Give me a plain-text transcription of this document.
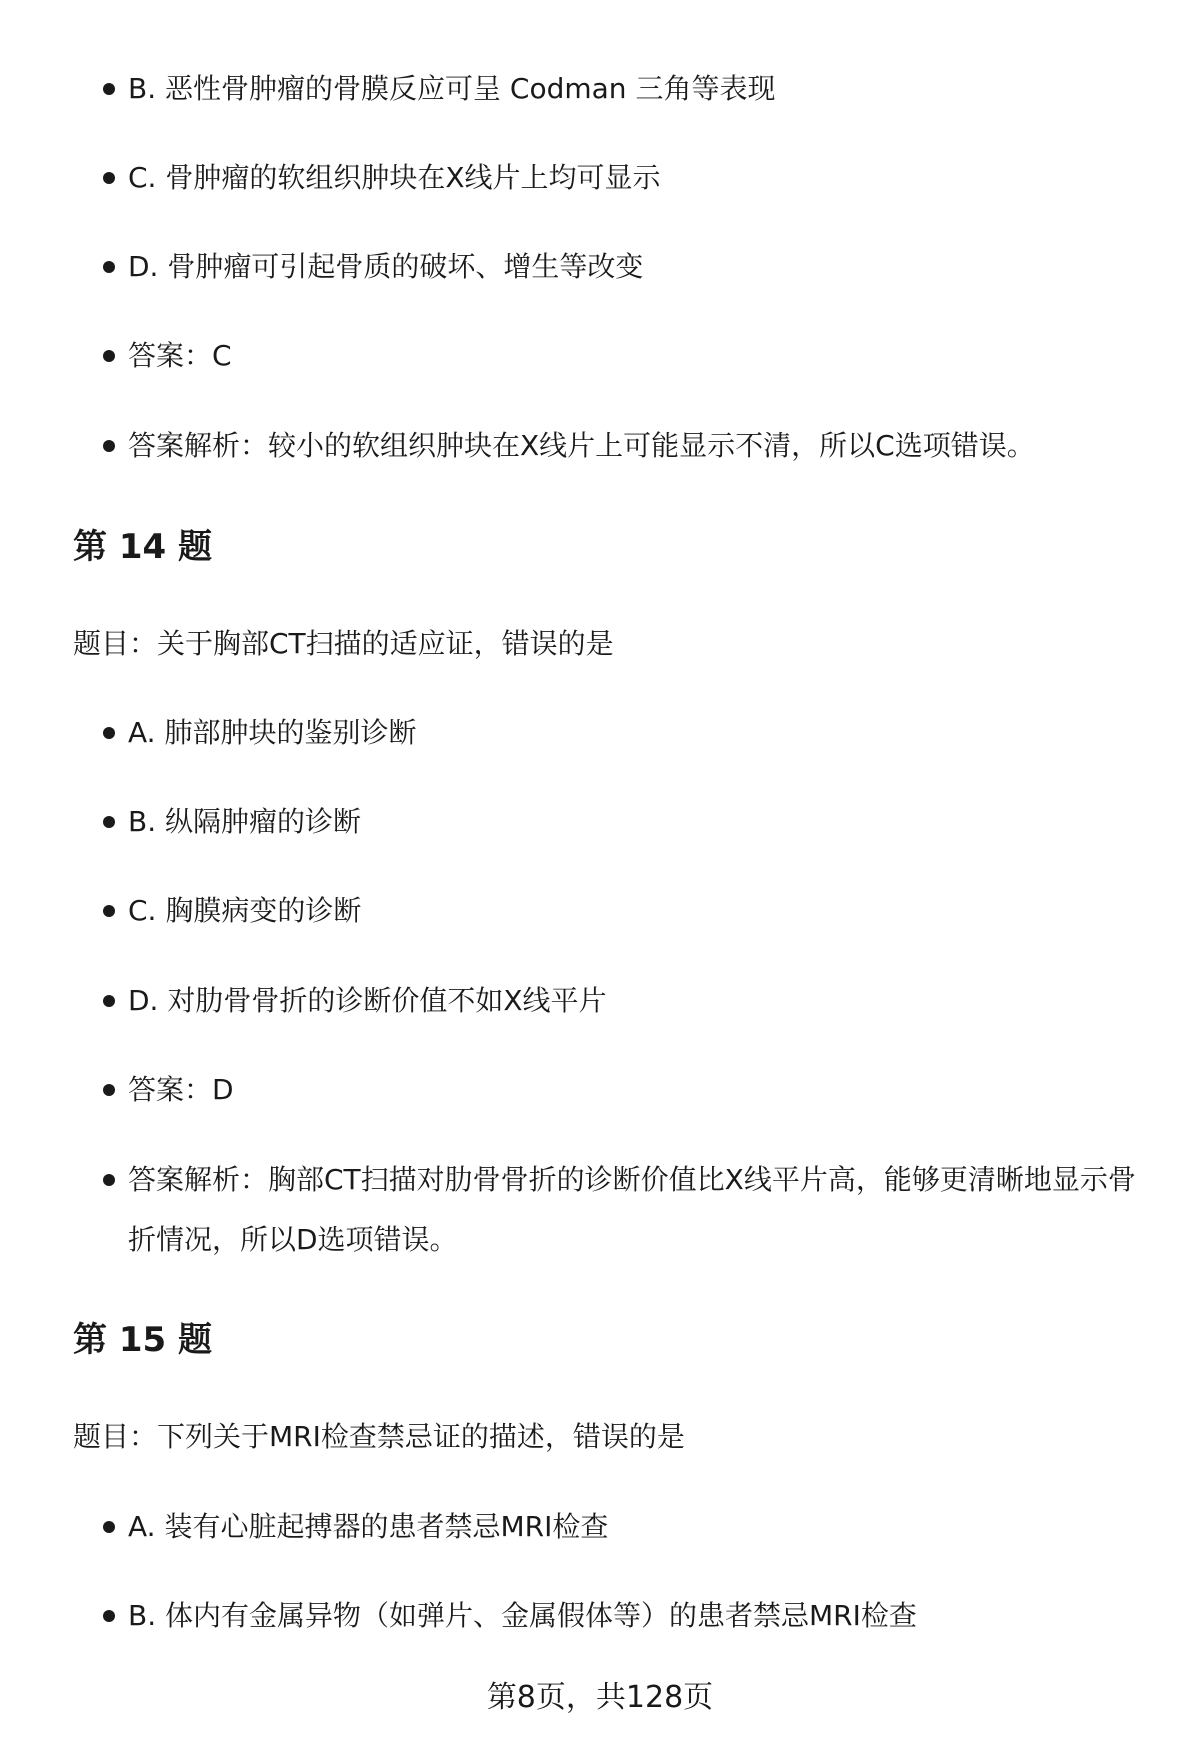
B. 恶性骨肿瘤的骨膜反应可呈 Codman 三角等表现
C. 骨肿瘤的软组织肿块在X线片上均可显示
D. 骨肿瘤可引起骨质的破坏、增生等改变
答案：C
答案解析：较小的软组织肿块在X线片上可能显示不清，所以C选项错误。
第 14 题
题目：关于胸部CT扫描的适应证，错误的是
A. 肺部肿块的鉴别诊断
B. 纵隔肿瘤的诊断
C. 胸膜病变的诊断
D. 对肋骨骨折的诊断价值不如X线平片
答案：D
答案解析：胸部CT扫描对肋骨骨折的诊断价值比X线平片高，能够更清晰地显示骨折情况，所以D选项错误。
第 15 题
题目：下列关于MRI检查禁忌证的描述，错误的是
A. 装有心脏起搏器的患者禁忌MRI检查
B. 体内有金属异物（如弹片、金属假体等）的患者禁忌MRI检查
第8页，共128页
